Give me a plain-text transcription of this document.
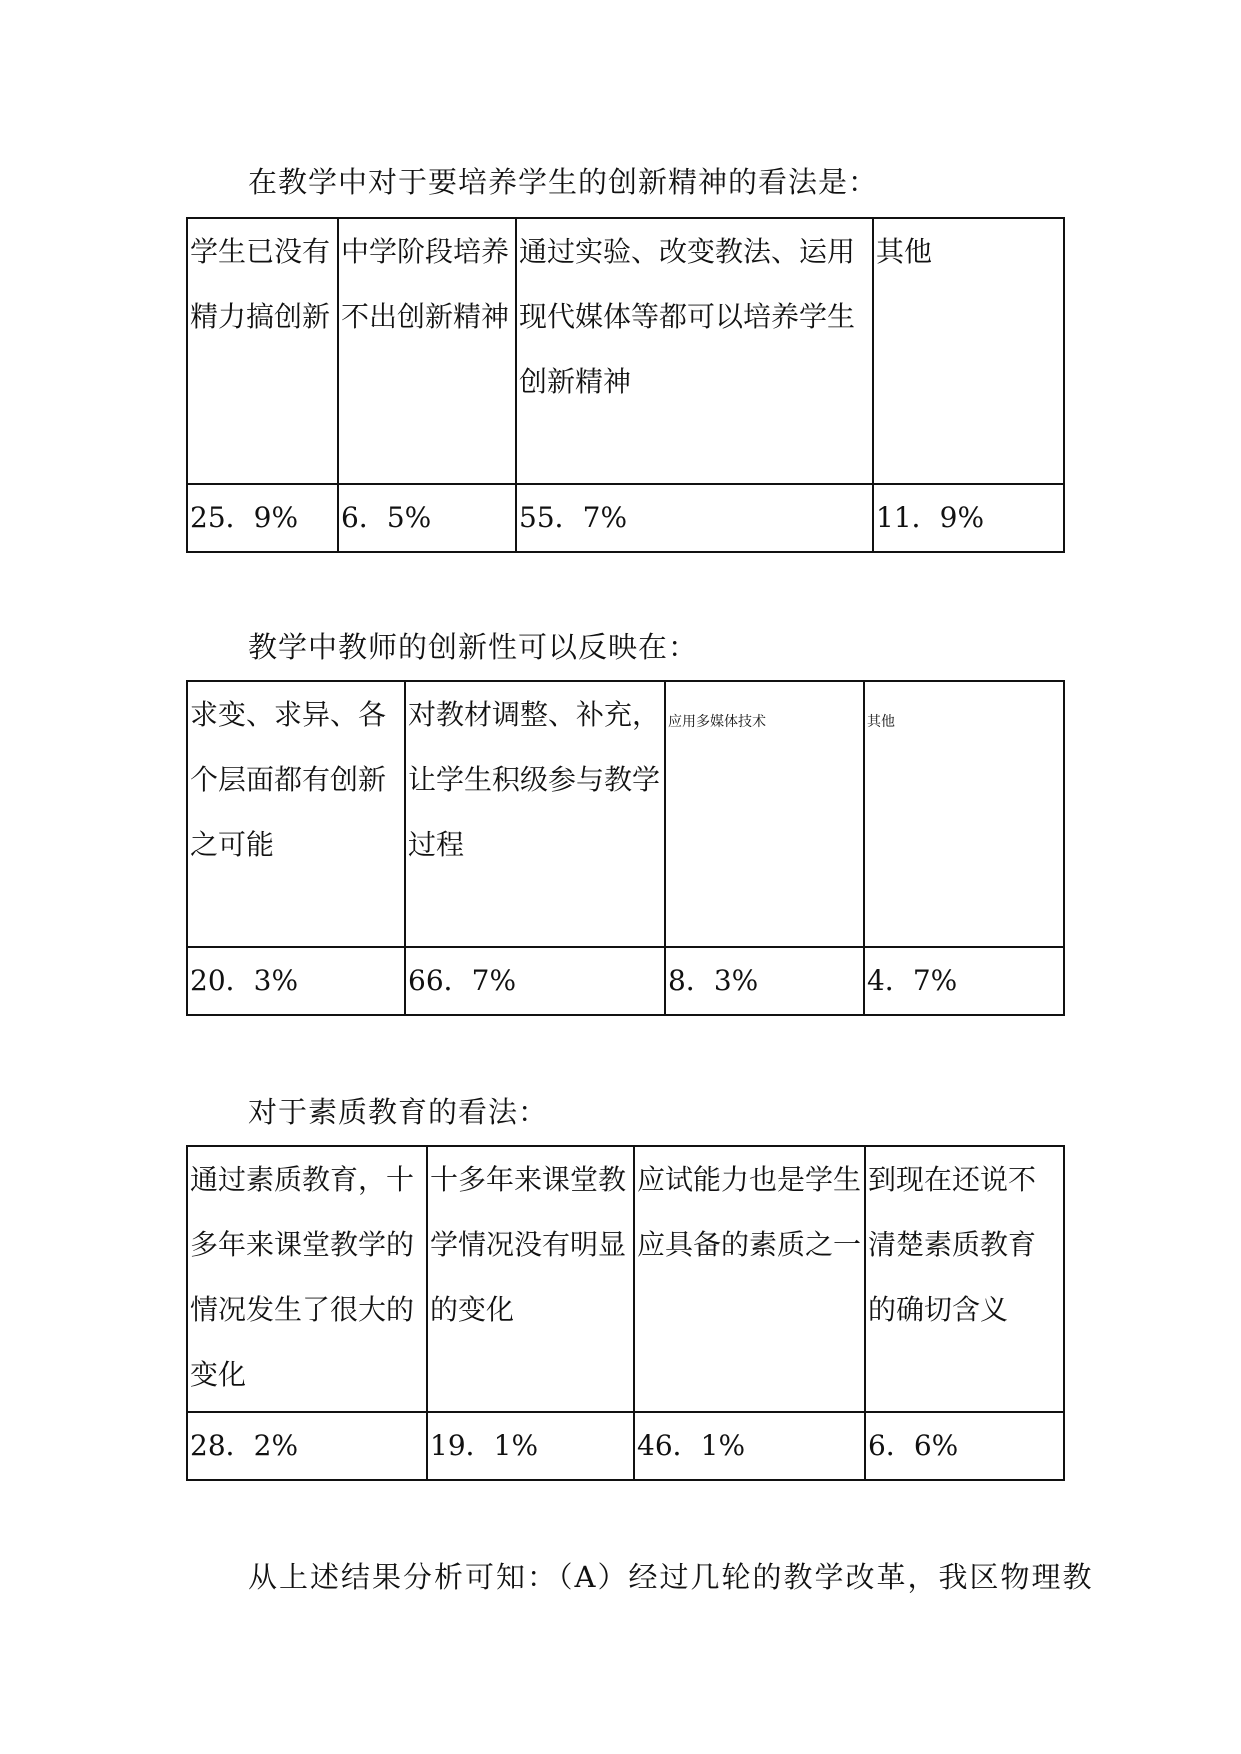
在教学中对于要培养学生的创新精神的看法是：
学生已没有精力搞创新	中学阶段培养不出创新精神	通过实验、改变教法、运用现代媒体等都可以培养学生创新精神	其他
25．9%	6．5%	55．7%	11．9%
教学中教师的创新性可以反映在：
求变、求异、各个层面都有创新之可能	对教材调整、补充，让学生积级参与教学过程	应用多媒体技术	其他
20．3%	66．7%	8．3%	4．7%
对于素质教育的看法：
通过素质教育，十多年来课堂教学的情况发生了很大的变化	十多年来课堂教学情况没有明显的变化	应试能力也是学生应具备的素质之一	到现在还说不清楚素质教育的确切含义
28．2%	19．1%	46．1%	6．6%
从上述结果分析可知：（A）经过几轮的教学改革，我区物理教
